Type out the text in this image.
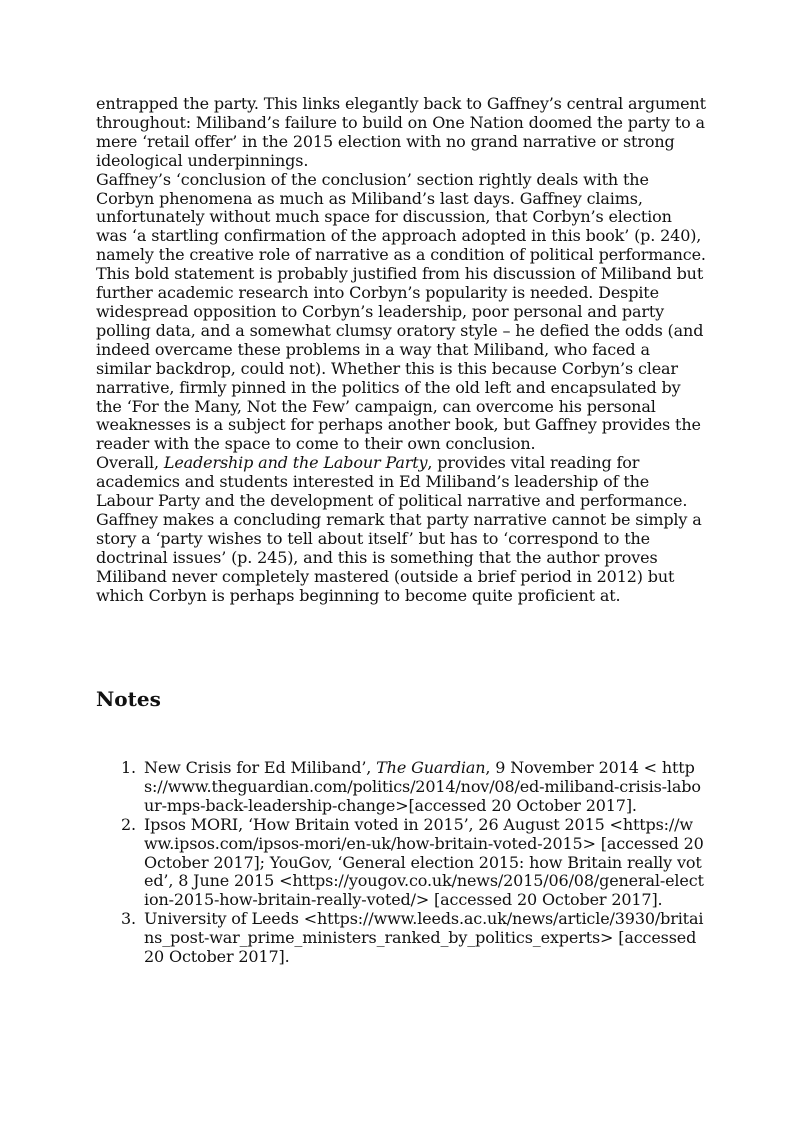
entrapped the party. This links elegantly back to Gaffney’s central argument throughout: Miliband’s failure to build on One Nation doomed the party to a mere ‘retail offer’ in the 2015 election with no grand narrative or strong ideological underpinnings.

Gaffney’s ‘conclusion of the conclusion’ section rightly deals with the Corbyn phenomena as much as Miliband’s last days. Gaffney claims, unfortunately without much space for discussion, that Corbyn’s election was ‘a startling confirmation of the approach adopted in this book’ (p. 240), namely the creative role of narrative as a condition of political performance. This bold statement is probably justified from his discussion of Miliband but further academic research into Corbyn’s popularity is needed. Despite widespread opposition to Corbyn’s leadership, poor personal and party polling data, and a somewhat clumsy oratory style – he defied the odds (and indeed overcame these problems in a way that Miliband, who faced a similar backdrop, could not). Whether this is this because Corbyn’s clear narrative, firmly pinned in the politics of the old left and encapsulated by the ‘For the Many, Not the Few’ campaign, can overcome his personal weaknesses is a subject for perhaps another book, but Gaffney provides the reader with the space to come to their own conclusion.

Overall, Leadership and the Labour Party, provides vital reading for academics and students interested in Ed Miliband’s leadership of the Labour Party and the development of political narrative and performance. Gaffney makes a concluding remark that party narrative cannot be simply a story a ‘party wishes to tell about itself’ but has to ‘correspond to the doctrinal issues’ (p. 245), and this is something that the author proves Miliband never completely mastered (outside a brief period in 2012) but which Corbyn is perhaps beginning to become quite proficient at.

Notes
1. New Crisis for Ed Miliband’, The Guardian, 9 November 2014 < https://www.theguardian.com/politics/2014/nov/08/ed-miliband-crisis-labour-mps-back-leadership-change>[accessed 20 October 2017].
2. Ipsos MORI, ‘How Britain voted in 2015’, 26 August 2015 <https://www.ipsos.com/ipsos-mori/en-uk/how-britain-voted-2015> [accessed 20 October 2017]; YouGov, ‘General election 2015: how Britain really voted’, 8 June 2015 <https://yougov.co.uk/news/2015/06/08/general-election-2015-how-britain-really-voted/> [accessed 20 October 2017].
3. University of Leeds <https://www.leeds.ac.uk/news/article/3930/britains_post-war_prime_ministers_ranked_by_politics_experts> [accessed 20 October 2017].
